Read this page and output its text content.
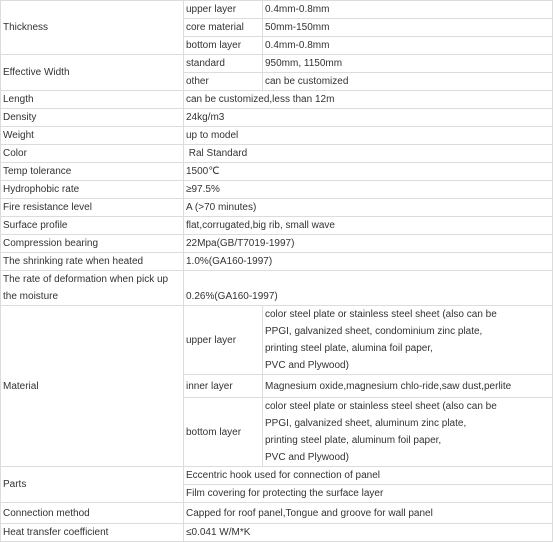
Thickness	upper layer	0.4mm-0.8mm
	core material	50mm-150mm
	bottom layer	0.4mm-0.8mm
Effective Width	standard	950mm, 1150mm
	other	can be customized
Length	can be customized,less than 12m	
Density	24kg/m3	
Weight	up to model	
Color	Ral Standard	
Temp tolerance	1500℃	
Hydrophobic rate	≥97.5%	
Fire resistance level	A (>70 minutes)	
Surface profile	flat,corrugated,big rib, small wave	
Compression bearing	22Mpa(GB/T7019-1997)	
The shrinking rate when heated	1.0%(GA160-1997)	

The rate of deformation when pick up
the moisture	0.26%(GA160-1997)	
Material	upper layer	color steel plate or stainless steel sheet (also can be
PPGI, galvanized sheet, condominium zinc plate,
printing steel plate, alumina foil paper,
PVC and Plywood)

	inner layer	Magnesium oxide,magnesium chlo-ride,saw dust,perlite
	bottom layer	color steel plate or stainless steel sheet (also can be
PPGI, galvanized sheet, aluminum zinc plate,
printing steel plate, aluminum foil paper,
PVC and Plywood)

Parts	Eccentric hook used for connection of panel	
	Film covering for protecting the surface layer	
Connection method	Capped for roof panel,Tongue and groove for wall panel	
Heat transfer coefficient	≤0.041 W/M*K	
